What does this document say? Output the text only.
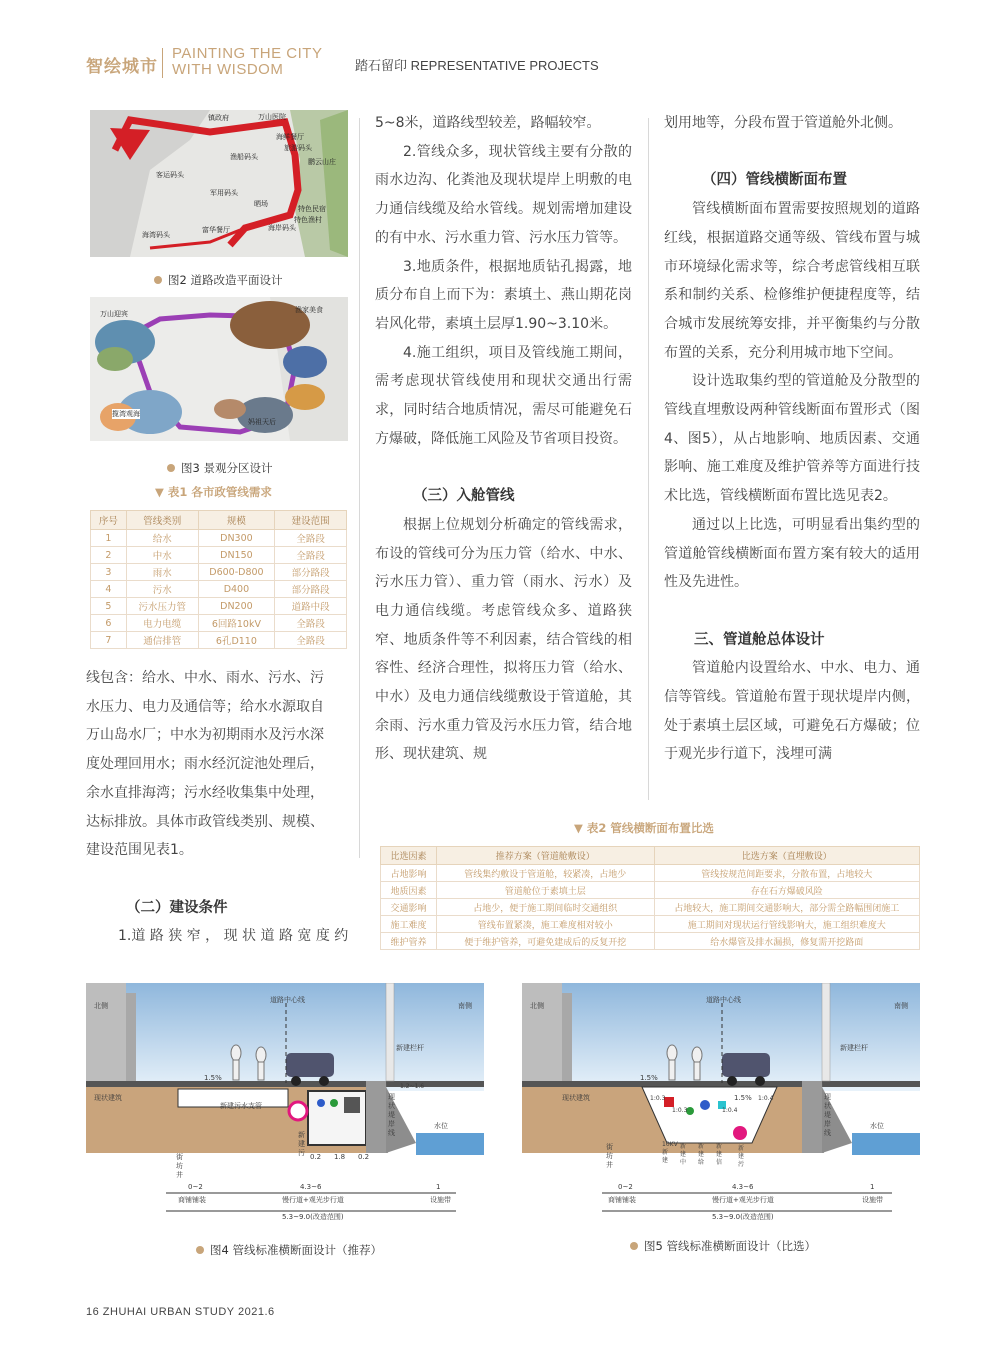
智绘城市
PAINTING THE CITY
WITH WISDOM	踏石留印 REPRESENTATIVE PROJECTS
镇政府	万山医院
海鲜餐厅
渔船码头
旅游码头
客运码头
军用码头
鹏云山庄
晒场
特色民宿
特色渔村
海岸码头
富华餐厅
海湾码头
图2 道路改造平面设计
万山迎宾	渔家美食
揽湾观海
妈祖天后
图3 景观分区设计
▼ 表1 各市政管线需求
序号	管线类别	规模	建设范围
1	给水	DN300	全路段
2	中水	DN150	全路段
3	雨水	D600-D800	部分路段
4	污水	D400	部分路段
5	污水压力管	DN200	道路中段
6	电力电缆	6回路10kV	全路段
7	通信排管	6孔D110	全路段
线包含：给水、中水、雨水、污水、污
水压力、电力及通信等；给水水源取自
万山岛水厂；中水为初期雨水及污水深
度处理回用水；雨水经沉淀池处理后，
余水直排海湾；污水经收集集中处理，
达标排放。具体市政管线类别、规模、
建设范围见表1。
（二）建设条件
1.道 路 狭 窄 ， 现 状 道 路 宽 度 约
5~8米，道路线型较差，路幅较窄。
2.管线众多，现状管线主要有分散的雨水边沟、化粪池及现状堤岸上明敷的电力通信线缆及给水管线。规划需增加建设的有中水、污水重力管、污水压力管等。
3.地质条件，根据地质钻孔揭露，地质分布自上而下为：素填土、燕山期花岗岩风化带，素填土层厚1.90~3.10米。
4.施工组织，项目及管线施工期间，需考虑现状管线使用和现状交通出行需求，同时结合地质情况，需尽可能避免石方爆破，降低施工风险及节省项目投资。
（三）入舱管线
根据上位规划分析确定的管线需求，布设的管线可分为压力管（给水、中水、污水压力管）、重力管（雨水、污水）及电力通信线缆。考虑管线众多、道路狭窄、地质条件等不利因素，结合管线的相容性、经济合理性，拟将压力管（给水、中水）及电力通信线缆敷设于管道舱，其余雨、污水重力管及污水压力管，结合地形、现状建筑、规
划用地等，分段布置于管道舱外北侧。
（四）管线横断面布置
管线横断面布置需要按照规划的道路红线，根据道路交通等级、管线布置与城市环境绿化需求等，综合考虑管线相互联系和制约关系、检修维护便捷程度等，结合城市发展统筹安排，并平衡集约与分散布置的关系，充分利用城市地下空间。
设计选取集约型的管道舱及分散型的管线直埋敷设两种管线断面布置形式（图4、图5），从占地影响、地质因素、交通影响、施工难度及维护管养等方面进行技术比选，管线横断面布置比选见表2。
通过以上比选，可明显看出集约型的管道舱管线横断面布置方案有较大的适用性及先进性。
三、管道舱总体设计
管道舱内设置给水、中水、电力、通信等管线。管道舱布置于现状堤岸内侧，处于素填土层区域，可避免石方爆破；位于观光步行道下，浅埋可满
▼ 表2 管线横断面布置比选
比选因素	推荐方案（管道舱敷设）	比选方案（直埋敷设）
占地影响	管线集约敷设于管道舱，较紧凑，占地少	管线按规范间距要求，分散布置，占地较大
地质因素	管道舱位于素填土层	存在石方爆破风险
交通影响	占地少，便于施工期间临时交通组织	占地较大，施工期间交通影响大，部分需全路幅围闭施工
施工难度	管线布置紧凑，施工难度相对较小	施工期间对现状运行管线影响大，施工组织难度大
维护管养	便于维护管养，可避免建成后的反复开挖	给水爆管及排水漏损，修复需开挖路面
北侧	南侧
道路中心线
新建栏杆
1.5%
现状建筑
新建污水支管
新建污
现状堤岸线
水位
街坊井
1.2~1.6
0.2 1.8 0.2
0~2	4.3~6	1
商铺铺装	慢行道+观光步行道	设施带
5.3~9.0(改造范围)
图4 管线标准横断面设计（推荐）
北侧	南侧
道路中心线
新建栏杆
1.5%
1.5%
现状建筑	现状堤岸线
水位
街坊井
1:0.3
1:0.3	1:0.4
1:0.4
10KV新建
新建中
新建给
新建信
新建污
0~2	4.3~6	1
商铺铺装	慢行道+观光步行道	设施带
5.3~9.0(改造范围)
图5 管线标准横断面设计（比选）
16 ZHUHAI URBAN STUDY 2021.6
